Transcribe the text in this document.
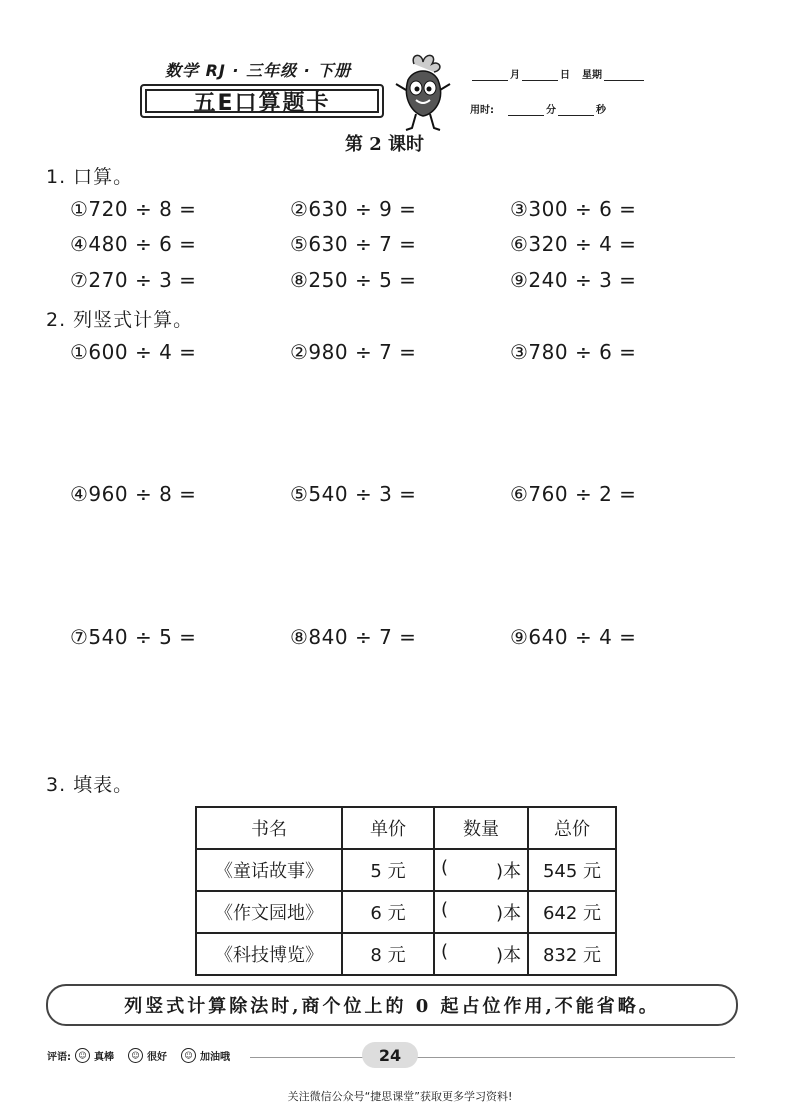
数学 RJ · 三年级 · 下册
五E口算题卡
月	日 星期
用时:	分	秒
第 2 课时
1. 口算。
①720 ÷ 8 =	②630 ÷ 9 =	③300 ÷ 6 =
④480 ÷ 6 =	⑤630 ÷ 7 =	⑥320 ÷ 4 =
⑦270 ÷ 3 =	⑧250 ÷ 5 =	⑨240 ÷ 3 =
2. 列竖式计算。
①600 ÷ 4 =	②980 ÷ 7 =	③780 ÷ 6 =
④960 ÷ 8 =	⑤540 ÷ 3 =	⑥760 ÷ 2 =
⑦540 ÷ 5 =	⑧840 ÷ 7 =	⑨640 ÷ 4 =
3. 填表。
书名	单价	数量	总价
《童话故事》	5 元	( )本	545 元
《作文园地》	6 元	( )本	642 元
《科技博览》	8 元	( )本	832 元
列竖式计算除法时,商个位上的 0 起占位作用,不能省略。
评语: ☺ 真棒	☺ 很好	☺ 加油哦	24
关注微信公众号“捷思课堂”获取更多学习资料!
